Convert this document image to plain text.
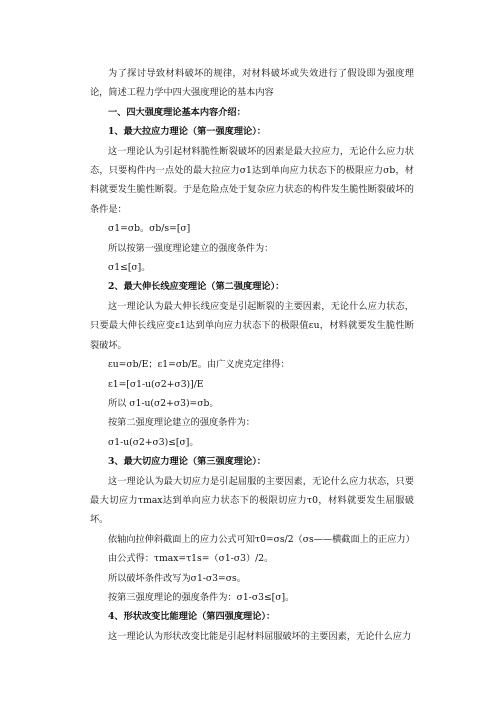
为了探讨导致材料破坏的规律，对材料破坏或失效进行了假设即为强度理论，简述工程力学中四大强度理论的基本内容

一、四大强度理论基本内容介绍：

1、最大拉应力理论（第一强度理论）：

这一理论认为引起材料脆性断裂破坏的因素是最大拉应力，无论什么应力状态，只要构件内一点处的最大拉应力σ1达到单向应力状态下的极限应力σb，材料就要发生脆性断裂。于是危险点处于复杂应力状态的构件发生脆性断裂破坏的条件是：

σ1=σb。σb/s=[σ]

所以按第一强度理论建立的强度条件为：

σ1≤[σ]。

2、最大伸长线应变理论（第二强度理论）：

这一理论认为最大伸长线应变是引起断裂的主要因素，无论什么应力状态，只要最大伸长线应变ε1达到单向应力状态下的极限值εu，材料就要发生脆性断裂破坏。

εu=σb/E；ε1=σb/E。由广义虎克定律得：

ε1=[σ1-u(σ2+σ3)]/E

所以 σ1-u(σ2+σ3)=σb。

按第二强度理论建立的强度条件为：

σ1-u(σ2+σ3)≤[σ]。

3、最大切应力理论（第三强度理论）：

这一理论认为最大切应力是引起屈服的主要因素，无论什么应力状态，只要最大切应力τmax达到单向应力状态下的极限切应力τ0，材料就要发生屈服破坏。

依轴向拉伸斜截面上的应力公式可知τ0=σs/2（σs——横截面上的正应力）

由公式得：τmax=τ1s=（σ1-σ3）/2。

所以破坏条件改写为σ1-σ3=σs。

按第三强度理论的强度条件为：σ1-σ3≤[σ]。

4、形状改变比能理论（第四强度理论）：

这一理论认为形状改变比能是引起材料屈服破坏的主要因素，无论什么应力
